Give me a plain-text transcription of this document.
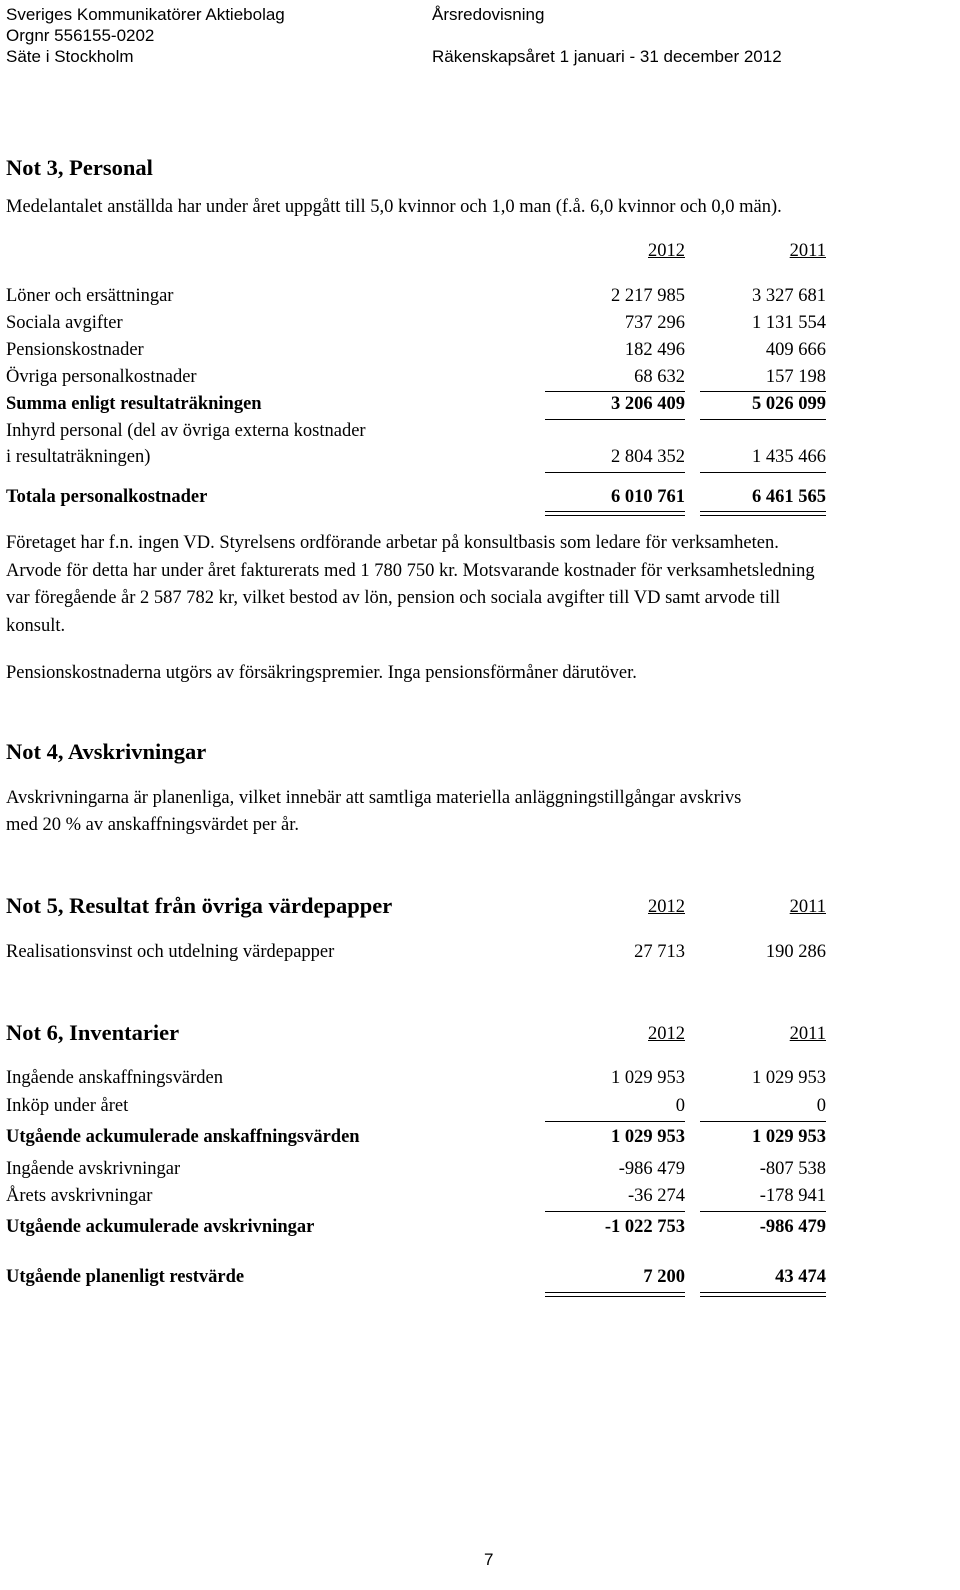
Sveriges Kommunikatörer Aktiebolag	Årsredovisning
Orgnr 556155-0202
Säte i Stockholm	Räkenskapsåret 1 januari - 31 december 2012
Not 3, Personal
Medelantalet anställda har under året uppgått till 5,0 kvinnor och 1,0 man (f.å. 6,0 kvinnor och 0,0 män).
2012	2011
Löner och ersättningar	2 217 985	3 327 681
Sociala avgifter	737 296	1 131 554
Pensionskostnader	182 496	409 666
Övriga personalkostnader	68 632	157 198
Summa enligt resultaträkningen	3 206 409	5 026 099
Inhyrd personal (del av övriga externa kostnader
i resultaträkningen)	2 804 352	1 435 466
Totala personalkostnader	6 010 761	6 461 565
Företaget har f.n. ingen VD. Styrelsens ordförande arbetar på konsultbasis som ledare för verksamheten.
Arvode för detta har under året fakturerats med 1 780 750 kr. Motsvarande kostnader för verksamhetsledning
var föregående år 2 587 782 kr, vilket bestod av lön, pension och sociala avgifter till VD samt arvode till
konsult.
Pensionskostnaderna utgörs av försäkringspremier. Inga pensionsförmåner därutöver.
Not 4, Avskrivningar
Avskrivningarna är planenliga, vilket innebär att samtliga materiella anläggningstillgångar avskrivs
med 20 % av anskaffningsvärdet per år.
Not 5, Resultat från övriga värdepapper	2012	2011
Realisationsvinst och utdelning värdepapper	27 713	190 286
Not 6, Inventarier	2012	2011
Ingående anskaffningsvärden	1 029 953	1 029 953
Inköp under året	0	0
Utgående ackumulerade anskaffningsvärden	1 029 953	1 029 953
Ingående avskrivningar	-986 479	-807 538
Årets avskrivningar	-36 274	-178 941
Utgående ackumulerade avskrivningar	-1 022 753	-986 479
Utgående planenligt restvärde	7 200	43 474
7
